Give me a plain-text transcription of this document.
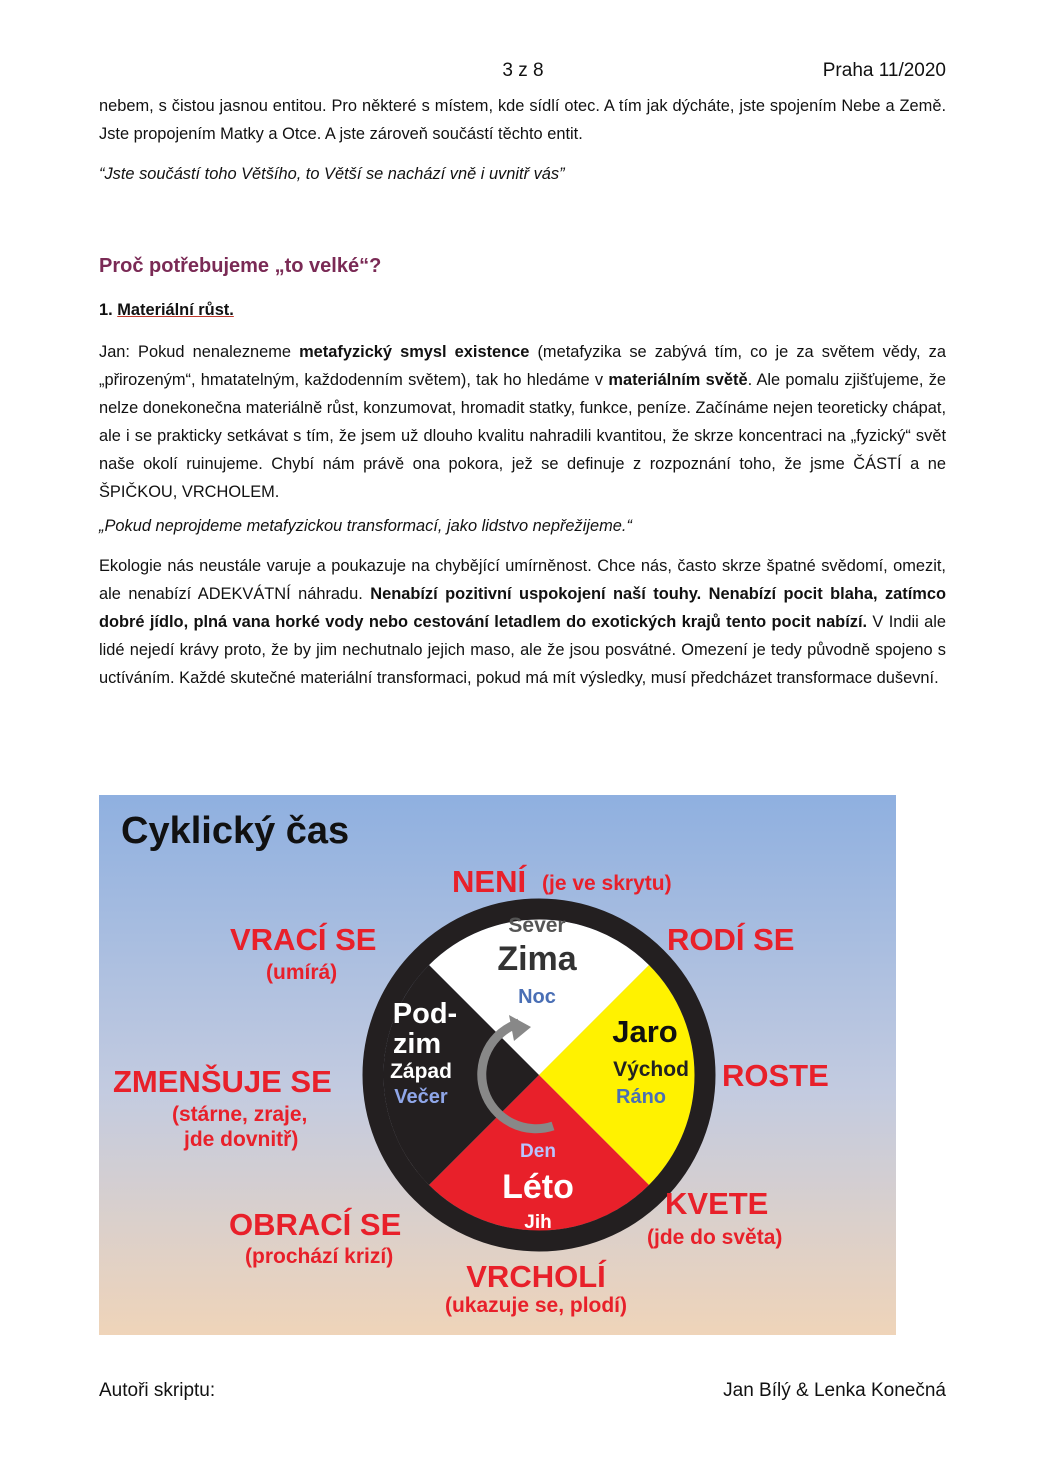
3 z 8	Praha 11/2020

nebem, s čistou jasnou entitou. Pro některé s místem, kde sídlí otec. A tím jak dýcháte, jste spojením Nebe a Země. Jste propojením Matky a Otce. A jste zároveň součástí těchto entit.

“Jste součástí toho Většího, to Větší se nachází vně i uvnitř vás”

Proč potřebujeme „to velké“?

1. Materiální růst.

Jan: Pokud nenalezneme metafyzický smysl existence (metafyzika se zabývá tím, co je za světem vědy, za „přirozeným“, hmatatelným, každodenním světem), tak ho hledáme v materiálním světě. Ale pomalu zjišťujeme, že nelze donekonečna materiálně růst, konzumovat, hromadit statky, funkce, peníze. Začínáme nejen teoreticky chápat, ale i se prakticky setkávat s tím, že jsem už dlouho kvalitu nahradili kvantitou, že skrze koncentraci na „fyzický“ svět naše okolí ruinujeme. Chybí nám právě ona pokora, jež se definuje z rozpoznání toho, že jsme ČÁSTÍ a ne ŠPIČKOU, VRCHOLEM.

„Pokud neprojdeme metafyzickou transformací, jako lidstvo nepřežijeme.“

Ekologie nás neustále varuje a poukazuje na chybějící umírněnost. Chce nás, často skrze špatné svědomí, omezit, ale nenabízí ADEKVÁTNÍ náhradu. Nenabízí pozitivní uspokojení naší touhy. Nenabízí pocit blaha, zatímco dobré jídlo, plná vana horké vody nebo cestování letadlem do exotických krajů tento pocit nabízí. V Indii ale lidé nejedí krávy proto, že by jim nechutnalo jejich maso, ale že jsou posvátné. Omezení je tedy původně spojeno s uctíváním. Každé skutečné materiální transformaci, pokud má mít výsledky, musí předcházet transformace duševní.

Cyklický čas
Sever
Zima
Noc
Jaro
Východ
Ráno
Den
Léto
Jih
Pod-
zim
Západ
Večer
NENÍ (je ve skrytu)
RODÍ SE
ROSTE
KVETE
(jde do světa)
VRCHOLÍ
(ukazuje se, plodí)
OBRACÍ SE
(prochází krizí)
ZMENŠUJE SE
(stárne, zraje,
jde dovnitř)
VRACÍ SE
(umírá)
Autoři skriptu:	Jan Bílý & Lenka Konečná
